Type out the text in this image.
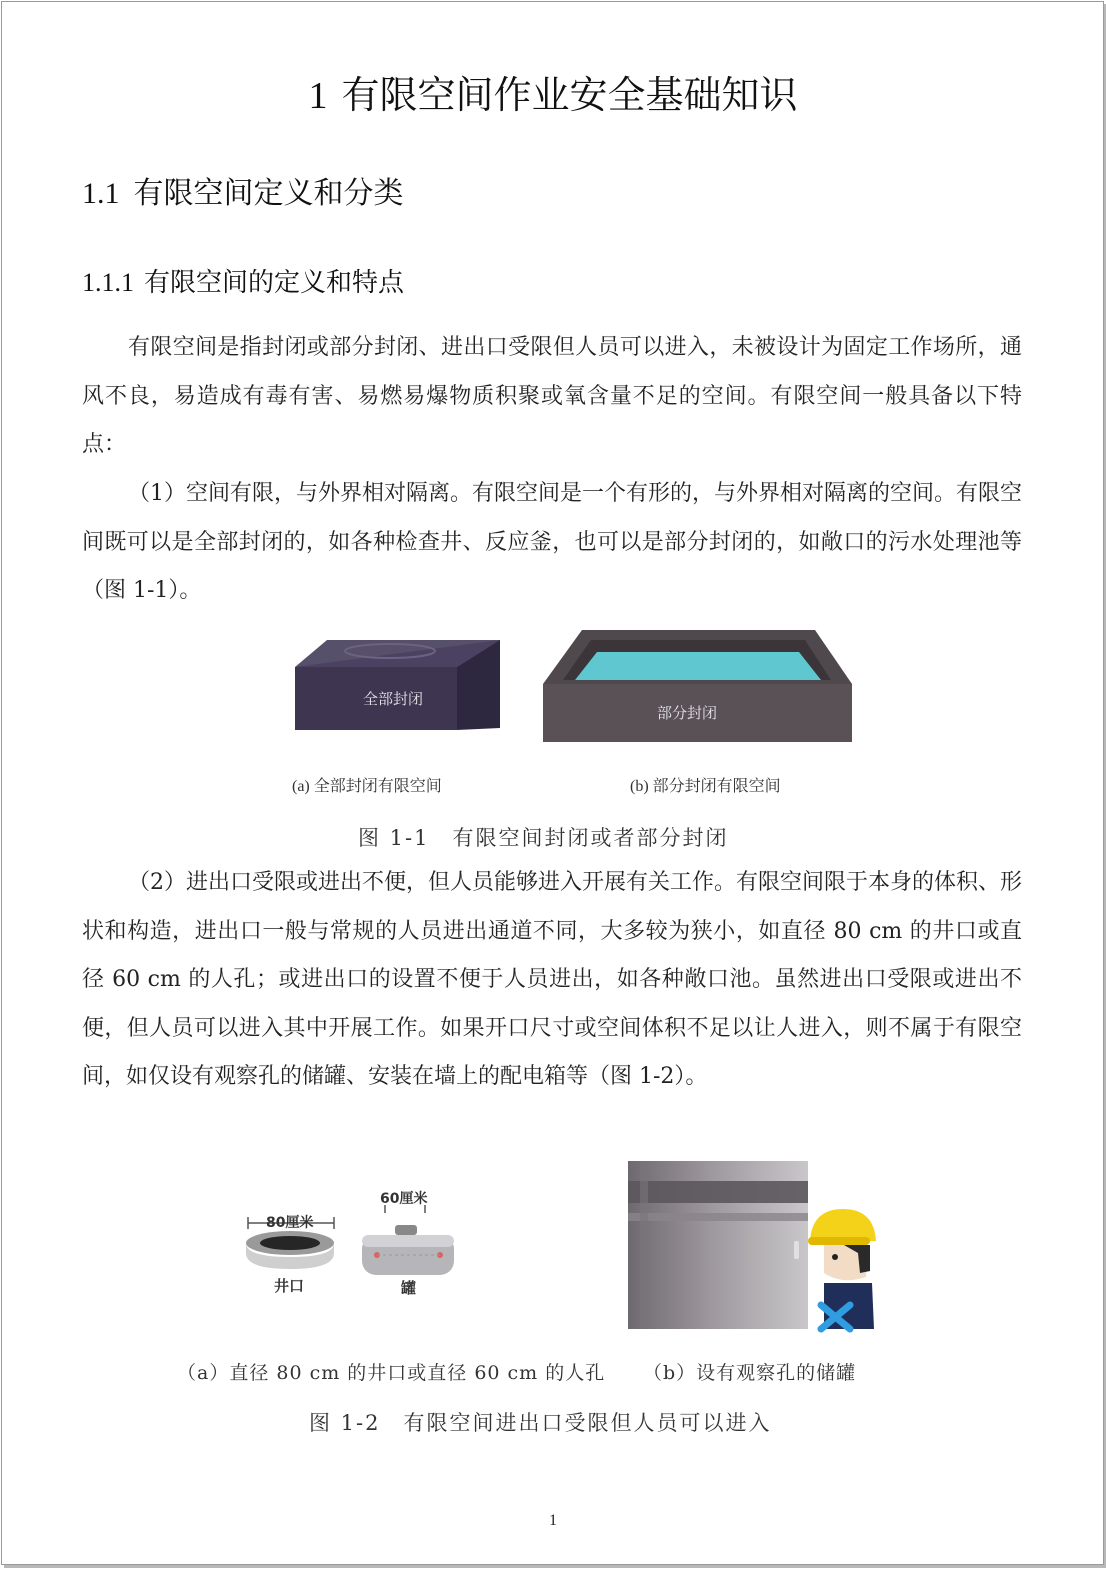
1 有限空间作业安全基础知识
1.1 有限空间定义和分类
1.1.1 有限空间的定义和特点
有限空间是指封闭或部分封闭、进出口受限但人员可以进入，未被设计为固定工作场所，通风不良，易造成有毒有害、易燃易爆物质积聚或氧含量不足的空间。有限空间一般具备以下特点：
（1）空间有限，与外界相对隔离。有限空间是一个有形的，与外界相对隔离的空间。有限空间既可以是全部封闭的，如各种检查井、反应釜，也可以是部分封闭的，如敞口的污水处理池等（图 1-1）。
全部封闭
部分封闭
(a) 全部封闭有限空间	(b) 部分封闭有限空间
图 1-1　有限空间封闭或者部分封闭
（2）进出口受限或进出不便，但人员能够进入开展有关工作。有限空间限于本身的体积、形状和构造，进出口一般与常规的人员进出通道不同，大多较为狭小，如直径 80 cm 的井口或直径 60 cm 的人孔；或进出口的设置不便于人员进出，如各种敞口池。虽然进出口受限或进出不便，但人员可以进入其中开展工作。如果开口尺寸或空间体积不足以让人进入，则不属于有限空间，如仅设有观察孔的储罐、安装在墙上的配电箱等（图 1-2）。
80厘米
井口
60厘米
罐
（a）直径 80 cm 的井口或直径 60 cm 的人孔 （b）设有观察孔的储罐
图 1-2　有限空间进出口受限但人员可以进入
1
